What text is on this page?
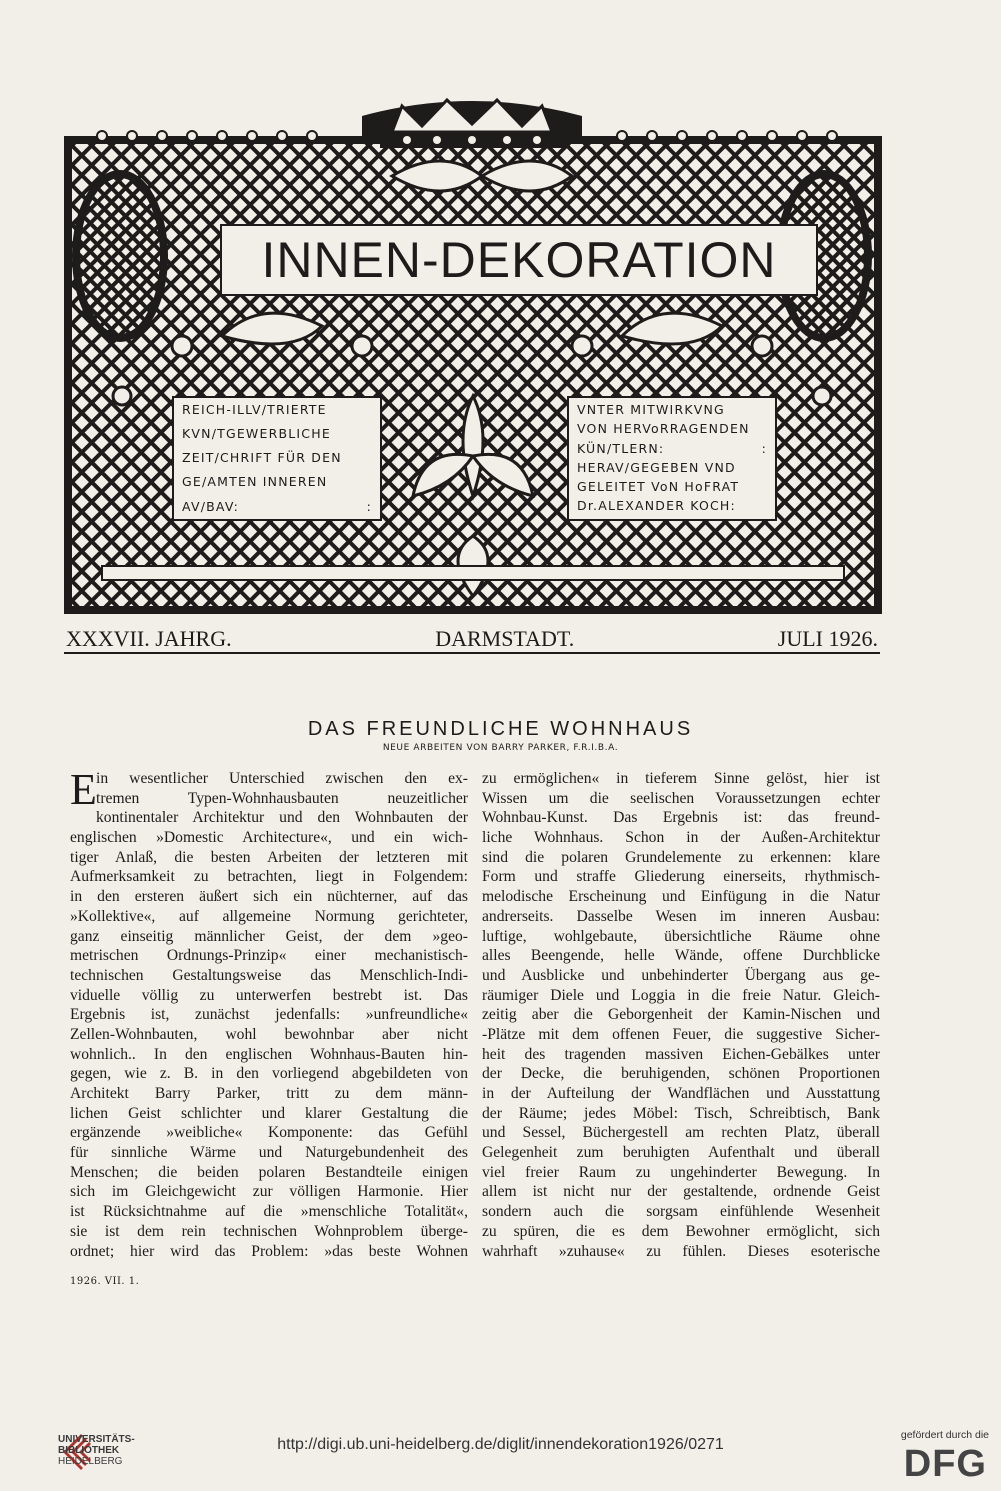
INNEN-DEKORATION
REICH-ILLV/TRIERTE
KVN/TGEWERBLICHE
ZEIT/CHRIFT FÜR DEN
GE/AMTEN INNEREN
AV/BAV:	:
VNTER MITWIRKVNG
VON HERVoRRAGENDEN
KÜN/TLERN:	:
HERAV/GEGEBEN VND
GELEITET VoN HoFRAT
Dr.ALEXANDER KOCH:
XXXVII. JAHRG.	DARMSTADT.	JULI 1926.
DAS FREUNDLICHE WOHNHAUS
NEUE ARBEITEN VON BARRY PARKER, F.R.I.B.A.
E in wesentlicher Unterschied zwischen den ex-
tremen Typen-Wohnhausbauten neuzeitlicher
kontinentaler Architektur und den Wohnbauten der
englischen »Domestic Architecture«, und ein wich-
tiger Anlaß, die besten Arbeiten der letzteren mit
Aufmerksamkeit zu betrachten, liegt in Folgendem:
in den ersteren äußert sich ein nüchterner, auf das
»Kollektive«, auf allgemeine Normung gerichteter,
ganz einseitig männlicher Geist, der dem »geo-
metrischen Ordnungs-Prinzip« einer mechanistisch-
technischen Gestaltungsweise das Menschlich-Indi-
viduelle völlig zu unterwerfen bestrebt ist. Das
Ergebnis ist, zunächst jedenfalls: »unfreundliche«
Zellen-Wohnbauten, wohl bewohnbar aber nicht
wohnlich.. In den englischen Wohnhaus-Bauten hin-
gegen, wie z. B. in den vorliegend abgebildeten von
Architekt Barry Parker, tritt zu dem männ-
lichen Geist schlichter und klarer Gestaltung die
ergänzende »weibliche« Komponente: das Gefühl
für sinnliche Wärme und Naturgebundenheit des
Menschen; die beiden polaren Bestandteile einigen
sich im Gleichgewicht zur völligen Harmonie. Hier
ist Rücksichtnahme auf die »menschliche Totalität«,
sie ist dem rein technischen Wohnproblem überge-
ordnet; hier wird das Problem: »das beste Wohnen
zu ermöglichen« in tieferem Sinne gelöst, hier ist
Wissen um die seelischen Voraussetzungen echter
Wohnbau-Kunst. Das Ergebnis ist: das freund-
liche Wohnhaus. Schon in der Außen-Architektur
sind die polaren Grundelemente zu erkennen: klare
Form und straffe Gliederung einerseits, rhythmisch-
melodische Erscheinung und Einfügung in die Natur
andrerseits. Dasselbe Wesen im inneren Ausbau:
luftige, wohlgebaute, übersichtliche Räume ohne
alles Beengende, helle Wände, offene Durchblicke
und Ausblicke und unbehinderter Übergang aus ge-
räumiger Diele und Loggia in die freie Natur. Gleich-
zeitig aber die Geborgenheit der Kamin-Nischen und
-Plätze mit dem offenen Feuer, die suggestive Sicher-
heit des tragenden massiven Eichen-Gebälkes unter
der Decke, die beruhigenden, schönen Proportionen
in der Aufteilung der Wandflächen und Ausstattung
der Räume; jedes Möbel: Tisch, Schreibtisch, Bank
und Sessel, Büchergestell am rechten Platz, überall
Gelegenheit zum beruhigten Aufenthalt und überall
viel freier Raum zu ungehinderter Bewegung. In
allem ist nicht nur der gestaltende, ordnende Geist
sondern auch die sorgsam einfühlende Wesenheit
zu spüren, die es dem Bewohner ermöglicht, sich
wahrhaft »zuhause« zu fühlen. Dieses esoterische
1926. VII. 1.
UNIVERSITÄTS-
BIBLIOTHEK
HEIDELBERG
http://digi.ub.uni-heidelberg.de/diglit/innendekoration1926/0271
gefördert durch die
DFG
